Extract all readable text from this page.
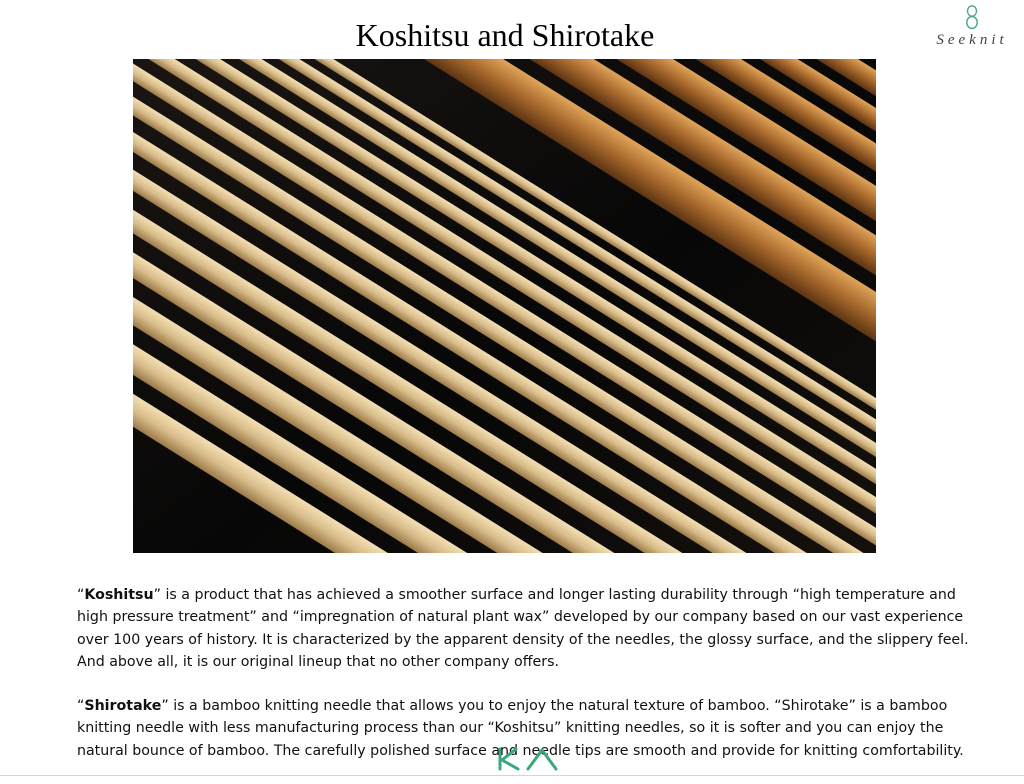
Koshitsu and Shirotake	Seeknit

“Koshitsu” is a product that has achieved a smoother surface and longer lasting durability through “high temperature and high pressure treatment” and “impregnation of natural plant wax” developed by our company based on our vast experience over 100 years of history. It is characterized by the apparent density of the needles, the glossy surface, and the slippery feel. And above all, it is our original lineup that no other company offers.

“Shirotake” is a bamboo knitting needle that allows you to enjoy the natural texture of bamboo. “Shirotake” is a bamboo knitting needle with less manufacturing process than our “Koshitsu” knitting needles, so it is softer and you can enjoy the natural bounce of bamboo. The carefully polished surface and needle tips are smooth and provide for knitting comfortability.
